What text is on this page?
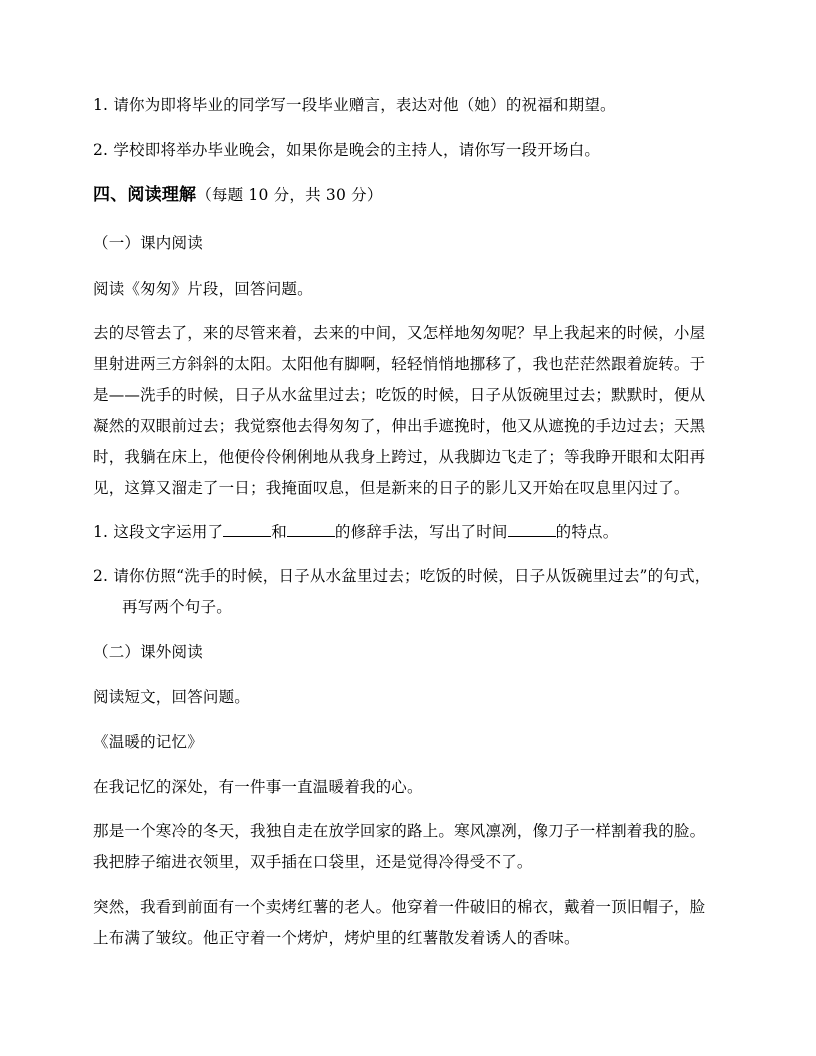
1. 请你为即将毕业的同学写一段毕业赠言，表达对他（她）的祝福和期望。
2. 学校即将举办毕业晚会，如果你是晚会的主持人，请你写一段开场白。
四、阅读理解（每题 10 分，共 30 分）
（一）课内阅读
阅读《匆匆》片段，回答问题。
去的尽管去了，来的尽管来着，去来的中间，又怎样地匆匆呢？早上我起来的时候，小屋
里射进两三方斜斜的太阳。太阳他有脚啊，轻轻悄悄地挪移了，我也茫茫然跟着旋转。于
是——洗手的时候，日子从水盆里过去；吃饭的时候，日子从饭碗里过去；默默时，便从
凝然的双眼前过去；我觉察他去得匆匆了，伸出手遮挽时，他又从遮挽的手边过去；天黑
时，我躺在床上，他便伶伶俐俐地从我身上跨过，从我脚边飞走了；等我睁开眼和太阳再
见，这算又溜走了一日；我掩面叹息，但是新来的日子的影儿又开始在叹息里闪过了。
1. 这段文字运用了	和	的修辞手法，写出了时间	的特点。
2. 请你仿照“洗手的时候，日子从水盆里过去；吃饭的时候，日子从饭碗里过去”的句式，
再写两个句子。
（二）课外阅读
阅读短文，回答问题。
《温暖的记忆》
在我记忆的深处，有一件事一直温暖着我的心。
那是一个寒冷的冬天，我独自走在放学回家的路上。寒风凛冽，像刀子一样割着我的脸。
我把脖子缩进衣领里，双手插在口袋里，还是觉得冷得受不了。
突然，我看到前面有一个卖烤红薯的老人。他穿着一件破旧的棉衣，戴着一顶旧帽子，脸
上布满了皱纹。他正守着一个烤炉，烤炉里的红薯散发着诱人的香味。
